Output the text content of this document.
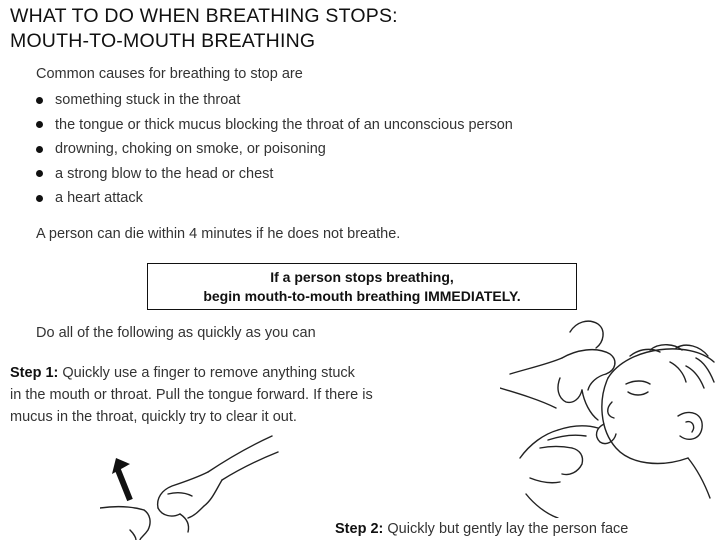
WHAT TO DO WHEN BREATHING STOPS:
MOUTH-TO-MOUTH BREATHING
Common causes for breathing to stop are
something stuck in the throat
the tongue or thick mucus blocking the throat of an unconscious person
drowning, choking on smoke, or poisoning
a strong blow to the head or chest
a heart attack
A person can die within 4 minutes if he does not breathe.
If a person stops breathing,
begin mouth-to-mouth breathing IMMEDIATELY.
Do all of the following as quickly as you can
Step 1: Quickly use a finger to remove anything stuck
in the mouth or throat. Pull the tongue forward. If there is
mucus in the throat, quickly try to clear it out.
Step 2: Quickly but gently lay the person face
